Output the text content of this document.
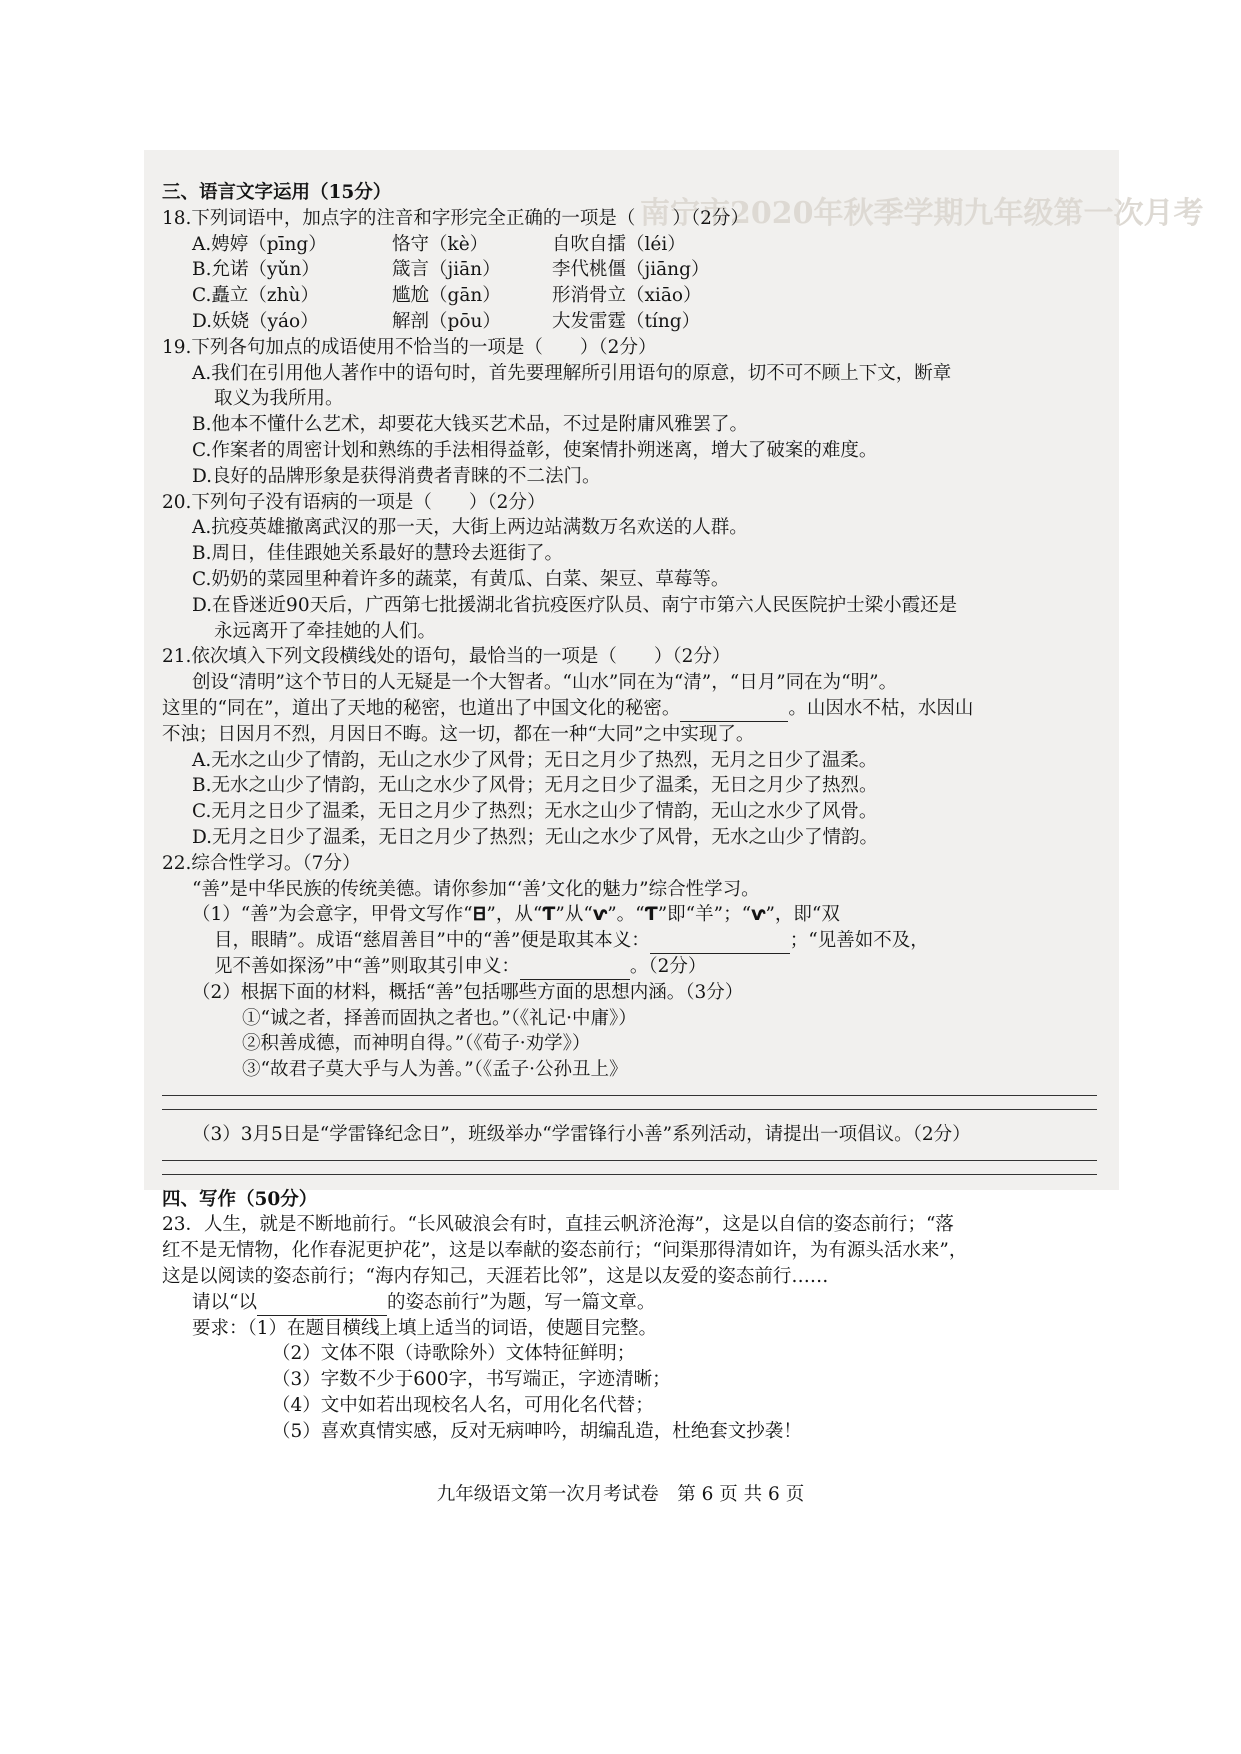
南宁市2020年秋季学期九年级第一次月考
三、语言文字运用（15分）
18.下列词语中，加点字的注音和字形完全正确的一项是（　　）（2分）
A.娉婷（pīng）	恪守（kè）	自吹自擂（léi）
B.允诺（yǔn）	箴言（jiān）	李代桃僵（jiāng）
C.矗立（zhù）	尴尬（gān）	形消骨立（xiāo）
D.妖娆（yáo）	解剖（pōu）	大发雷霆（tíng）
19.下列各句加点的成语使用不恰当的一项是（　　）（2分）
A.我们在引用他人著作中的语句时，首先要理解所引用语句的原意，切不可不顾上下文，断章
取义为我所用。
B.他本不懂什么艺术，却要花大钱买艺术品，不过是附庸风雅罢了。
C.作案者的周密计划和熟练的手法相得益彰，使案情扑朔迷离，增大了破案的难度。
D.良好的品牌形象是获得消费者青睐的不二法门。
20.下列句子没有语病的一项是（　　）（2分）
A.抗疫英雄撤离武汉的那一天，大街上两边站满数万名欢送的人群。
B.周日，佳佳跟她关系最好的慧玲去逛街了。
C.奶奶的菜园里种着许多的蔬菜，有黄瓜、白菜、架豆、草莓等。
D.在昏迷近90天后，广西第七批援湖北省抗疫医疗队员、南宁市第六人民医院护士梁小霞还是
永远离开了牵挂她的人们。
21.依次填入下列文段横线处的语句，最恰当的一项是（　　）（2分）
创设“清明”这个节日的人无疑是一个大智者。“山水”同在为“清”，“日月”同在为“明”。
这里的“同在”，道出了天地的秘密，也道出了中国文化的秘密。	。山因水不枯，水因山
不浊；日因月不烈，月因日不晦。这一切，都在一种“大同”之中实现了。
A.无水之山少了情韵，无山之水少了风骨；无日之月少了热烈，无月之日少了温柔。
B.无水之山少了情韵，无山之水少了风骨；无月之日少了温柔，无日之月少了热烈。
C.无月之日少了温柔，无日之月少了热烈；无水之山少了情韵，无山之水少了风骨。
D.无月之日少了温柔，无日之月少了热烈；无山之水少了风骨，无水之山少了情韵。
22.综合性学习。（7分）
“善”是中华民族的传统美德。请你参加“‘善’文化的魅力”综合性学习。
（1）“善”为会意字，甲骨文写作“𐊧”，从“Ƭ”从“ⱱ”。“Ƭ”即“羊”；“ⱱ”，即“双
目，眼睛”。成语“慈眉善目”中的“善”便是取其本义：	；“见善如不及，
见不善如探汤”中“善”则取其引申义：	。（2分）
（2）根据下面的材料，概括“善”包括哪些方面的思想内涵。（3分）
①“诚之者，择善而固执之者也。”（《礼记·中庸》）
②积善成德，而神明自得。”（《荀子·劝学》）
③“故君子莫大乎与人为善。”（《孟子·公孙丑上》
（3）3月5日是“学雷锋纪念日”，班级举办“学雷锋行小善”系列活动，请提出一项倡议。（2分）
四、写作（50分）
23．人生，就是不断地前行。“长风破浪会有时，直挂云帆济沧海”，这是以自信的姿态前行；“落
红不是无情物，化作春泥更护花”，这是以奉献的姿态前行；“问渠那得清如许，为有源头活水来”，
这是以阅读的姿态前行；“海内存知己，天涯若比邻”，这是以友爱的姿态前行……
请以“以	的姿态前行”为题，写一篇文章。
要求：（1）在题目横线上填上适当的词语，使题目完整。
（2）文体不限（诗歌除外）文体特征鲜明；
（3）字数不少于600字，书写端正，字迹清晰；
（4）文中如若出现校名人名，可用化名代替；
（5）喜欢真情实感，反对无病呻吟，胡编乱造，杜绝套文抄袭！
九年级语文第一次月考试卷　第 6 页 共 6 页
